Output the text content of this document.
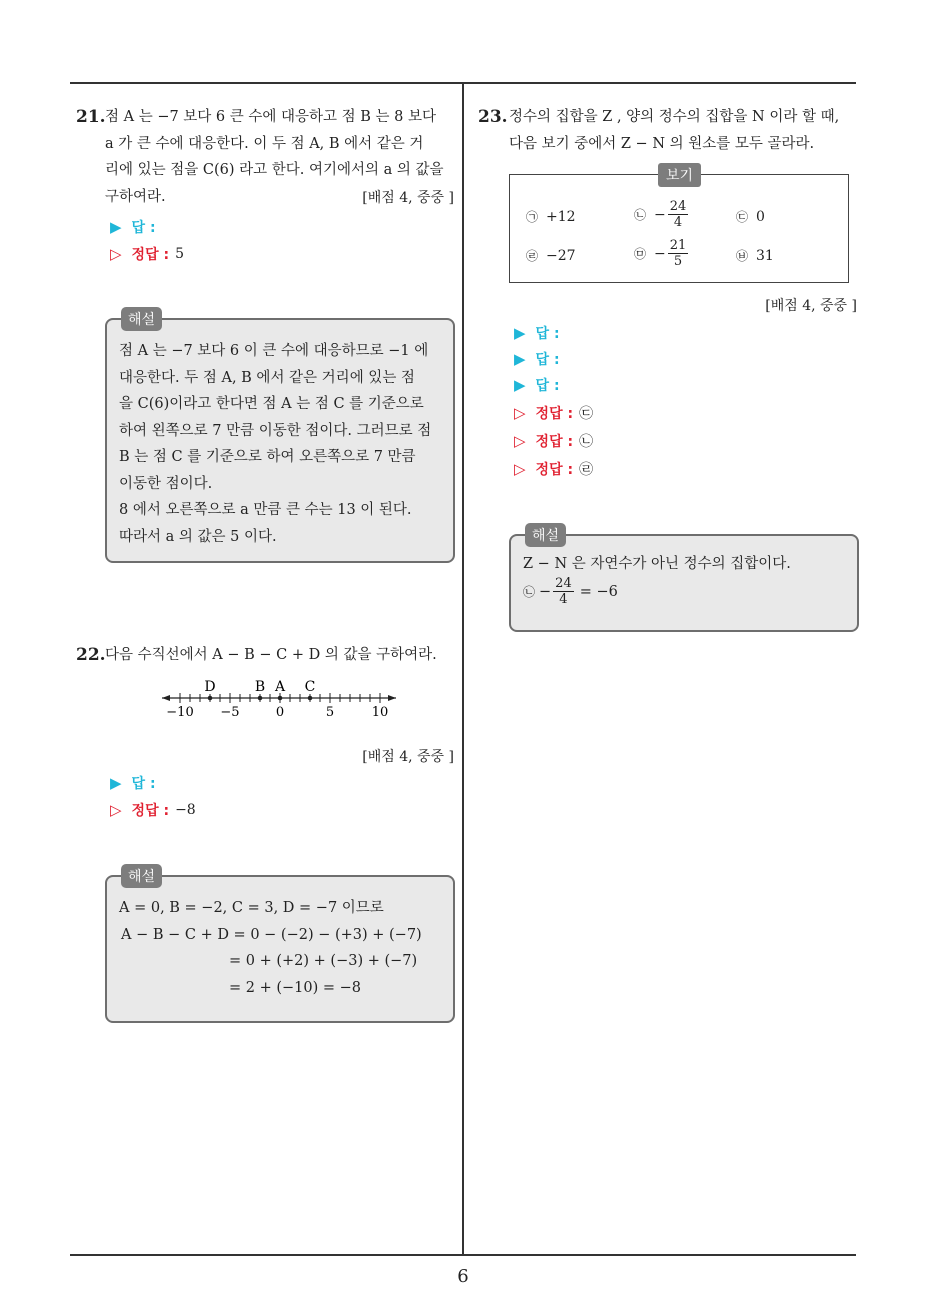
6
21. 점 A 는 −7 보다 6 큰 수에 대응하고 점 B 는 8 보다
a 가 큰 수에 대응한다. 이 두 점 A, B 에서 같은 거
리에 있는 점을 C(6) 라고 한다. 여기에서의 a 의 값을
구하여라.	[배점 4, 중중 ]
▶ 답 :
▷ 정답 : 5
해설
점 A 는 −7 보다 6 이 큰 수에 대응하므로 −1 에
대응한다. 두 점 A, B 에서 같은 거리에 있는 점
을 C(6)이라고 한다면 점 A 는 점 C 를 기준으로
하여 왼쪽으로 7 만큼 이동한 점이다. 그러므로 점
B 는 점 C 를 기준으로 하여 오른쪽으로 7 만큼
이동한 점이다.
8 에서 오른쪽으로 a 만큼 큰 수는 13 이 된다.
따라서 a 의 값은 5 이다.
22. 다음 수직선에서 A − B − C + D 의 값을 구하여라.
D	B A C
−10 −5	0	5	10
[배점 4, 중중 ]
▶ 답 :
▷ 정답 : −8
해설
A = 0, B = −2, C = 3, D = −7 이므로
A − B − C + D = 0 − (−2) − (+3) + (−7)
= 0 + (+2) + (−3) + (−7)
= 2 + (−10) = −8
23. 정수의 집합을 Z , 양의 정수의 집합을 N 이라 할 때,
다음 보기 중에서 Z − N 의 원소를 모두 골라라.
보기
㉠ +12	㉡ − $\frac{24}{4}$	㉢ 0
㉣ −27	㉤ − $\frac{21}{5}$	㉥ 31
[배점 4, 중중 ]
▶ 답 :
▶ 답 :
▶ 답 :
▷ 정답 : ㉢
▷ 정답 : ㉡
▷ 정답 : ㉣
해설
Z − N 은 자연수가 아닌 정수의 집합이다.
㉡ − $\frac{24}{4} = -6$
